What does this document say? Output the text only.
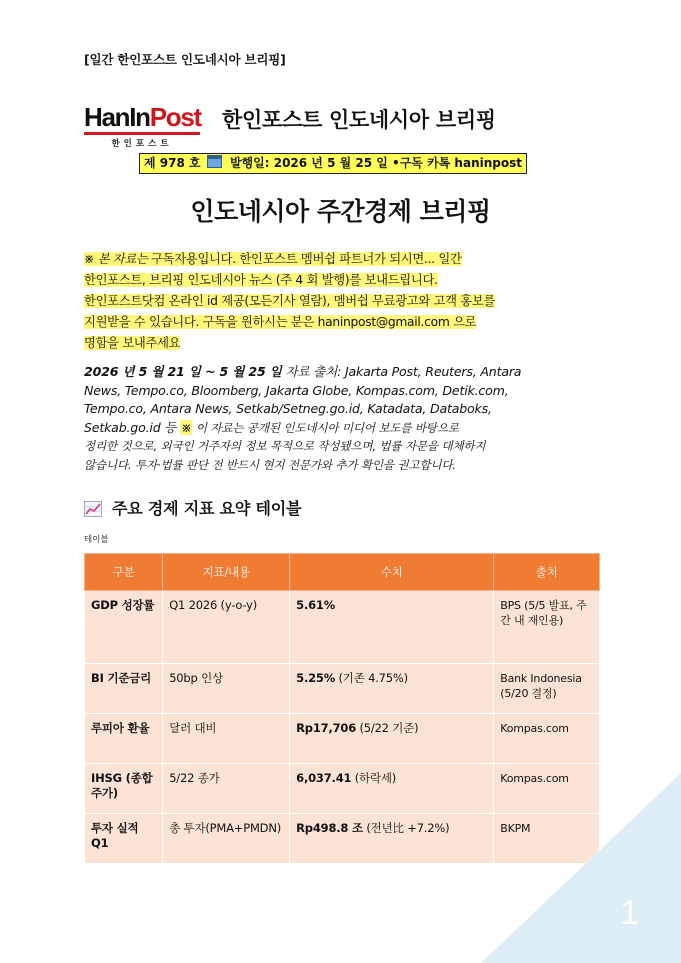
[일간 한인포스트 인도네시아 브리핑]
HanInPost
한인포스트
한인포스트 인도네시아 브리핑
제 978 호 발행일: 2026 년 5 월 25 일 •구독 카톡 haninpost
인도네시아 주간경제 브리핑
※ 본 자료는 구독자용입니다. 한인포스트 멤버쉽 파트너가 되시면... 일간
한인포스트, 브리핑 인도네시아 뉴스 (주 4 회 발행)를 보내드립니다.
한인포스트닷컴 온라인 id 제공(모든기사 열람), 멤버쉽 무료광고와 고객 홍보를
지원받을 수 있습니다. 구독을 원하시는 분은 haninpost@gmail.com 으로
명함을 보내주세요
2026 년 5 월 21 일 ~ 5 월 25 일 자료 출처: Jakarta Post, Reuters, Antara
News, Tempo.co, Bloomberg, Jakarta Globe, Kompas.com, Detik.com,
Tempo.co, Antara News, Setkab/Setneg.go.id, Katadata, Databoks,
Setkab.go.id 등 ※ 이 자료는 공개된 인도네시아 미디어 보도를 바탕으로
정리한 것으로, 외국인 거주자의 정보 목적으로 작성됐으며, 법률 자문을 대체하지
않습니다. 투자·법률 판단 전 반드시 현지 전문가와 추가 확인을 권고합니다.
주요 경제 지표 요약 테이블
테이블
구분	지표/내용	수치	출처
GDP 성장률	Q1 2026 (y-o-y)	5.61%	BPS (5/5 발표, 주간 내 재인용)
BI 기준금리	50bp 인상	5.25% (기존 4.75%)	Bank Indonesia (5/20 결정)
루피아 환율	달러 대비	Rp17,706 (5/22 기준)	Kompas.com
IHSG (종합주가)	5/22 종가	6,037.41 (하락세)	Kompas.com
투자 실적 Q1	총 투자(PMA+PMDN)	Rp498.8 조 (전년比 +7.2%)	BKPM
1
